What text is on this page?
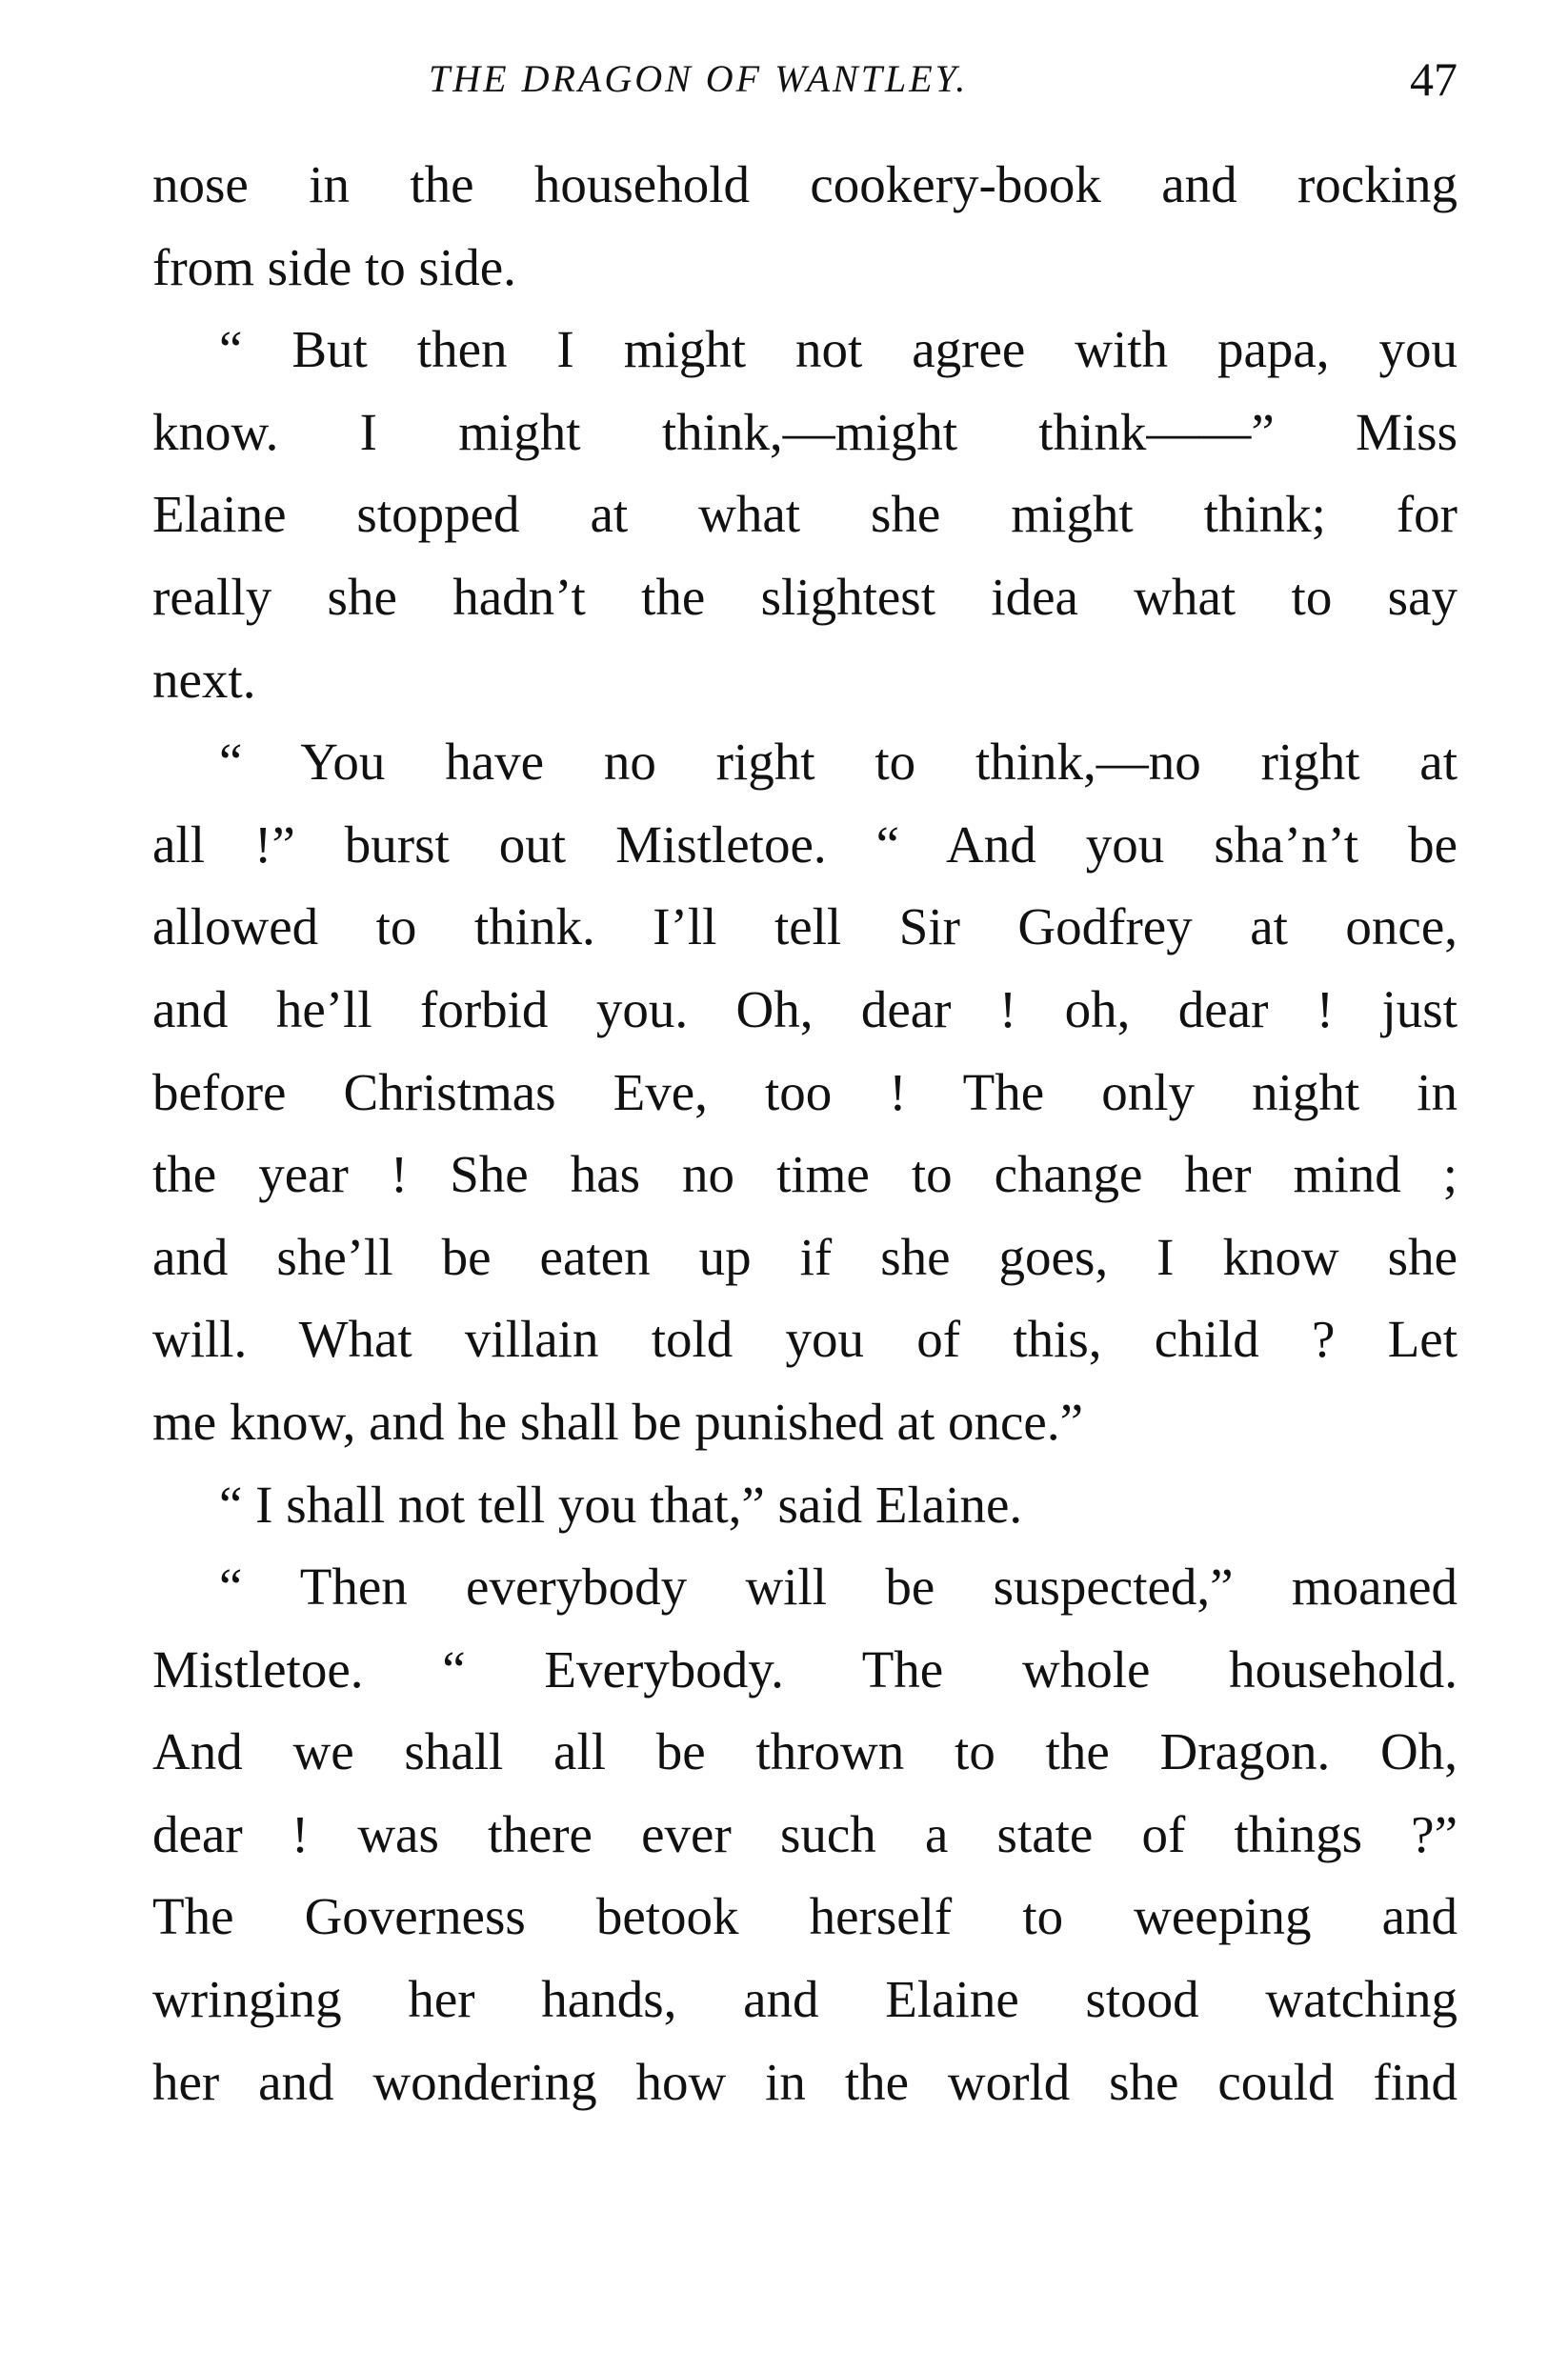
THE DRAGON OF WANTLEY.	47
nose in the household cookery-book and rocking
from side to side.
“ But then I might not agree with papa, you
know. I might think,—might think——” Miss
Elaine stopped at what she might think; for
really she hadn’t the slightest idea what to say
next.
“ You have no right to think,—no right at
all !” burst out Mistletoe. “ And you sha’n’t be
allowed to think. I’ll tell Sir Godfrey at once,
and he’ll forbid you. Oh, dear ! oh, dear ! just
before Christmas Eve, too ! The only night in
the year ! She has no time to change her mind ;
and she’ll be eaten up if she goes, I know she
will. What villain told you of this, child ? Let
me know, and he shall be punished at once.”
“ I shall not tell you that,” said Elaine.
“ Then everybody will be suspected,” moaned
Mistletoe. “ Everybody. The whole household.
And we shall all be thrown to the Dragon. Oh,
dear ! was there ever such a state of things ?”
The Governess betook herself to weeping and
wringing her hands, and Elaine stood watching
her and wondering how in the world she could find
